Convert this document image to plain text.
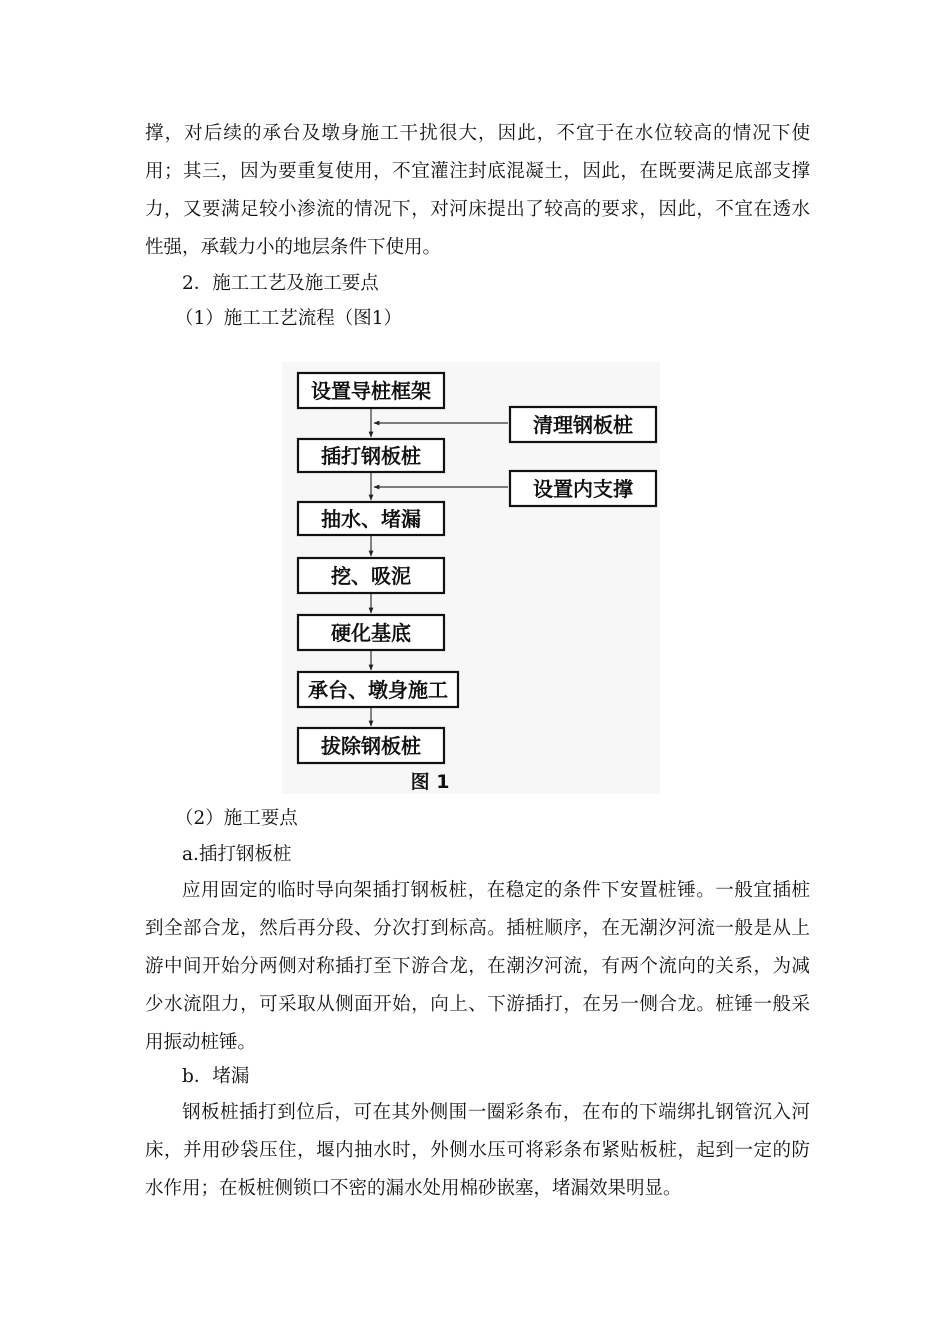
撑，对后续的承台及墩身施工干扰很大，因此，不宜于在水位较高的情况下使用；其三，因为要重复使用，不宜灌注封底混凝土，因此，在既要满足底部支撑力，又要满足较小渗流的情况下，对河床提出了较高的要求，因此，不宜在透水性强，承载力小的地层条件下使用。

2．施工工艺及施工要点

（1）施工工艺流程（图1）

设置导桩框架
插打钢板桩
抽水、堵漏
挖、吸泥
硬化基底
承台、墩身施工
拔除钢板桩
清理钢板桩
设置内支撑
图 1

（2）施工要点

a.插打钢板桩

应用固定的临时导向架插打钢板桩，在稳定的条件下安置桩锤。一般宜插桩到全部合龙，然后再分段、分次打到标高。插桩顺序，在无潮汐河流一般是从上游中间开始分两侧对称插打至下游合龙，在潮汐河流，有两个流向的关系，为减少水流阻力，可采取从侧面开始，向上、下游插打，在另一侧合龙。桩锤一般采用振动桩锤。

b．堵漏

钢板桩插打到位后，可在其外侧围一圈彩条布，在布的下端绑扎钢管沉入河床，并用砂袋压住，堰内抽水时，外侧水压可将彩条布紧贴板桩，起到一定的防水作用；在板桩侧锁口不密的漏水处用棉砂嵌塞，堵漏效果明显。
